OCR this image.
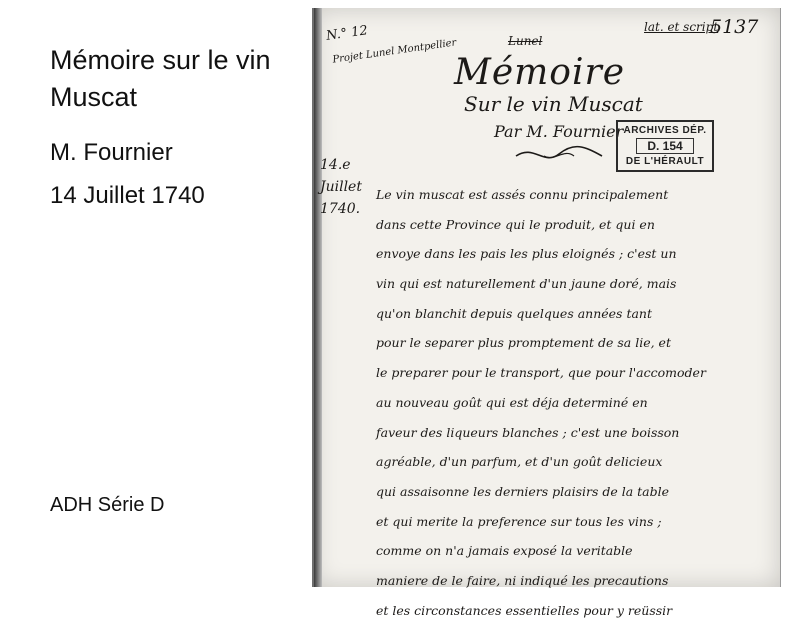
Mémoire sur le vin Muscat
M. Fournier
14 Juillet 1740
ADH Série D
N.° 12
Projet Lunel Montpellier	Lunel
lat. et script
5137
Mémoire
Sur le vin Muscat
Par M. Fournier
14.e Juillet 1740.
ARCHIVES DÉP.
D. 154
DE L'HÉRAULT
Le vin muscat est assés connu principalement
dans cette Province qui le produit, et qui en
envoye dans les pais les plus eloignés ; c'est un
vin qui est naturellement d'un jaune doré, mais
qu'on blanchit depuis quelques années tant
pour le separer plus promptement de sa lie, et
le preparer pour le transport, que pour l'accomoder
au nouveau goût qui est déja determiné en
faveur des liqueurs blanches ; c'est une boisson
agréable, d'un parfum, et d'un goût delicieux
qui assaisonne les derniers plaisirs de la table
et qui merite la preference sur tous les vins ;
comme on n'a jamais exposé la veritable
maniere de le faire, ni indiqué les precautions
et les circonstances essentielles pour y reüssir
